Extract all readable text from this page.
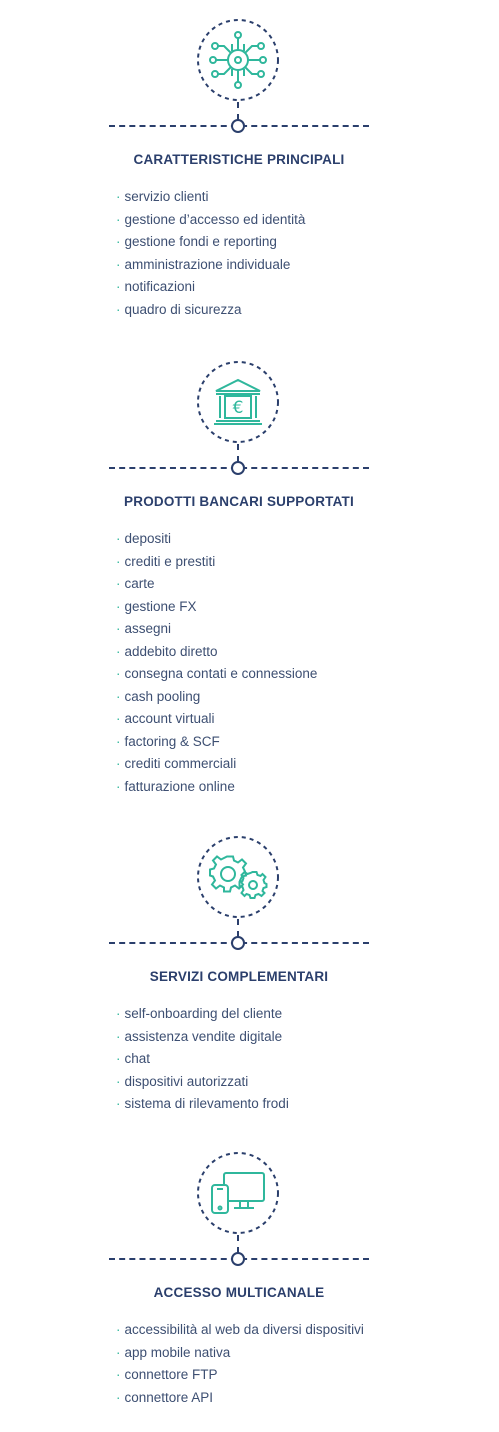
CARATTERISTICHE PRINCIPALI
· servizio clienti
· gestione d’accesso ed identità
· gestione fondi e reporting
· amministrazione individuale
· notificazioni
· quadro di sicurezza
€
PRODOTTI BANCARI SUPPORTATI
· depositi
· crediti e prestiti
· carte
· gestione FX
· assegni
· addebito diretto
· consegna contati e connessione
· cash pooling
· account virtuali
· factoring & SCF
· crediti commerciali
· fatturazione online
SERVIZI COMPLEMENTARI
· self-onboarding del cliente
· assistenza vendite digitale
· chat
· dispositivi autorizzati
· sistema di rilevamento frodi
ACCESSO MULTICANALE
· accessibilità al web da diversi dispositivi
· app mobile nativa
· connettore FTP
· connettore API
